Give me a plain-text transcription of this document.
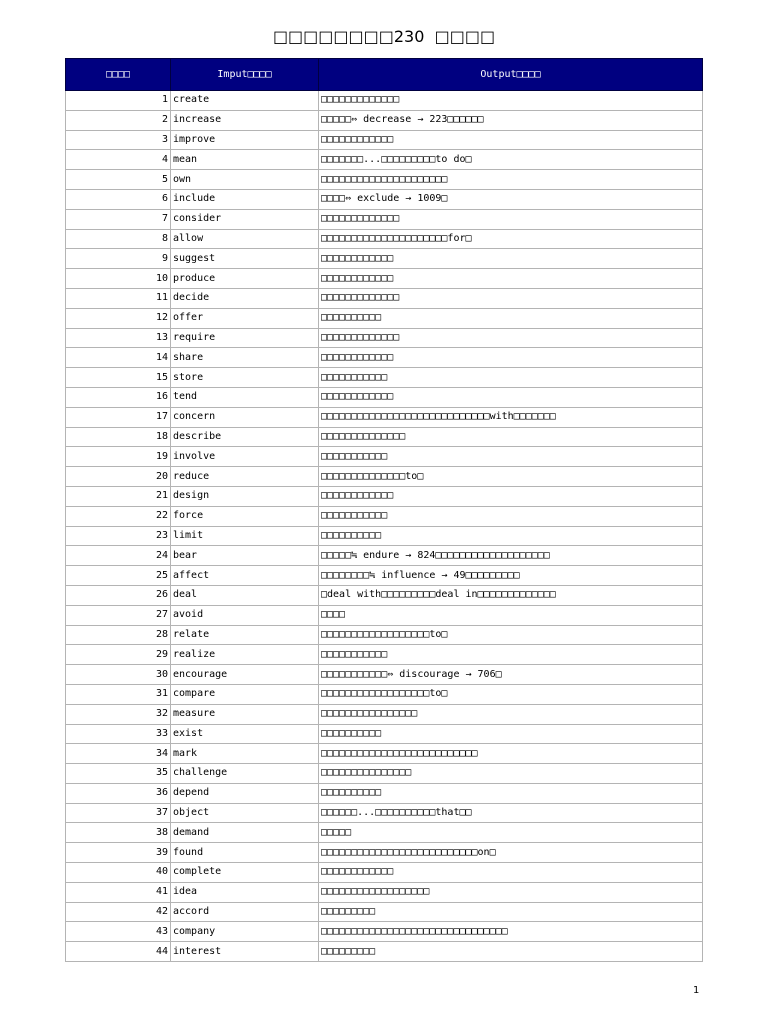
□□□□□□□□230  □□□□
□□□□	Imput□□□□	Output□□□□
1	create	□□□□□□□□□□□□□
2	increase	□□□□□⇔ decrease → 223□□□□□□
3	improve	□□□□□□□□□□□□
4	mean	□□□□□□□...□□□□□□□□□to do□
5	own	□□□□□□□□□□□□□□□□□□□□□
6	include	□□□□⇔ exclude → 1009□
7	consider	□□□□□□□□□□□□□
8	allow	□□□□□□□□□□□□□□□□□□□□□for□
9	suggest	□□□□□□□□□□□□
10	produce	□□□□□□□□□□□□
11	decide	□□□□□□□□□□□□□
12	offer	□□□□□□□□□□
13	require	□□□□□□□□□□□□□
14	share	□□□□□□□□□□□□
15	store	□□□□□□□□□□□
16	tend	□□□□□□□□□□□□
17	concern	□□□□□□□□□□□□□□□□□□□□□□□□□□□□with□□□□□□□
18	describe	□□□□□□□□□□□□□□
19	involve	□□□□□□□□□□□
20	reduce	□□□□□□□□□□□□□□to□
21	design	□□□□□□□□□□□□
22	force	□□□□□□□□□□□
23	limit	□□□□□□□□□□
24	bear	□□□□□≒ endure → 824□□□□□□□□□□□□□□□□□□□
25	affect	□□□□□□□□≒ influence → 49□□□□□□□□□
26	deal	□deal with□□□□□□□□□deal in□□□□□□□□□□□□□
27	avoid	□□□□
28	relate	□□□□□□□□□□□□□□□□□□to□
29	realize	□□□□□□□□□□□
30	encourage	□□□□□□□□□□□⇔ discourage → 706□
31	compare	□□□□□□□□□□□□□□□□□□to□
32	measure	□□□□□□□□□□□□□□□□
33	exist	□□□□□□□□□□
34	mark	□□□□□□□□□□□□□□□□□□□□□□□□□□
35	challenge	□□□□□□□□□□□□□□□
36	depend	□□□□□□□□□□
37	object	□□□□□□...□□□□□□□□□□that□□
38	demand	□□□□□
39	found	□□□□□□□□□□□□□□□□□□□□□□□□□□on□
40	complete	□□□□□□□□□□□□
41	idea	□□□□□□□□□□□□□□□□□□
42	accord	□□□□□□□□□
43	company	□□□□□□□□□□□□□□□□□□□□□□□□□□□□□□□
44	interest	□□□□□□□□□
1
